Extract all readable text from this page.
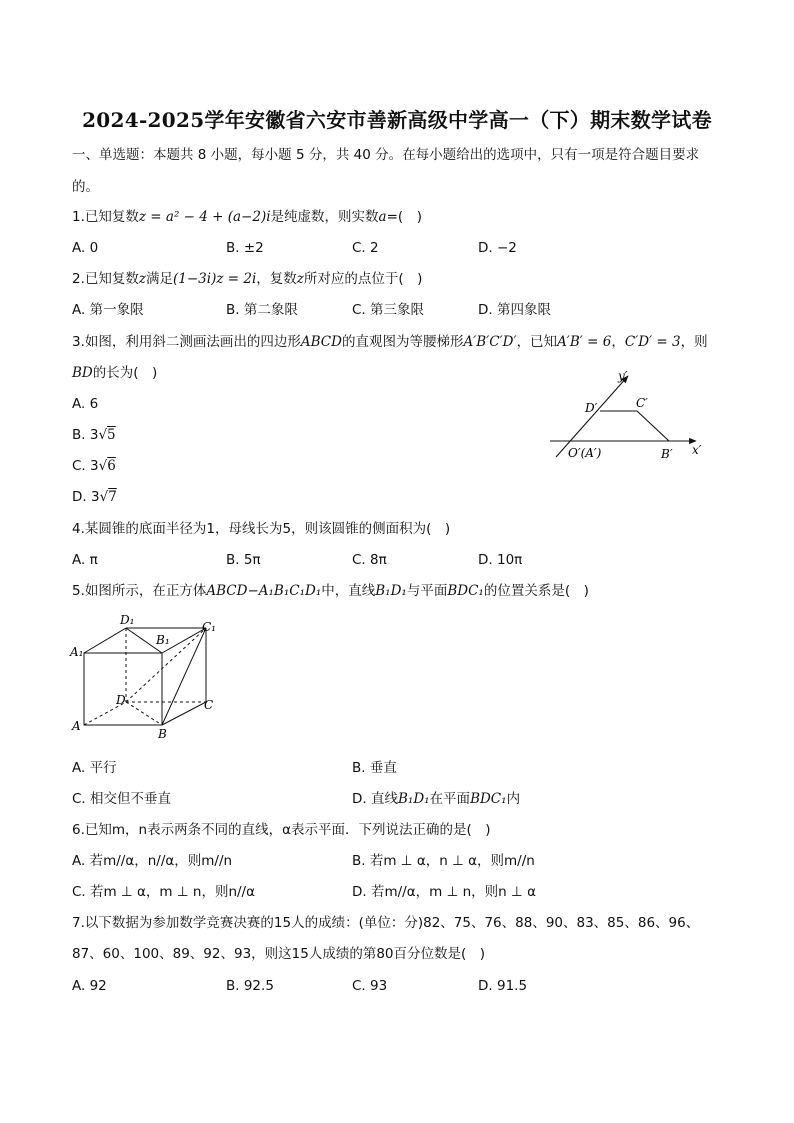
2024-2025学年安徽省六安市善新高级中学高一（下）期末数学试卷
一、单选题：本题共 8 小题，每小题 5 分，共 40 分。在每小题给出的选项中，只有一项是符合题目要求
的。
1.已知复数z = a² − 4 + (a−2)i是纯虚数，则实数a=(　)
A. 0	B. ±2	C. 2	D. −2
2.已知复数z满足(1−3i)z = 2i，复数z所对应的点位于(　)
A. 第一象限	B. 第二象限	C. 第三象限	D. 第四象限
3.如图，利用斜二测画法画出的四边形ABCD的直观图为等腰梯形A′B′C′D′，已知A′B′ = 6，C′D′ = 3，则
BD的长为(　)
A. 6
B. 3√5
C. 3√6
D. 3√7
y′
D′	C′
O′(A′)	B′ x′
4.某圆锥的底面半径为1，母线长为5，则该圆锥的侧面积为(　)
A. π	B. 5π	C. 8π	D. 10π
5.如图所示，在正方体ABCD−A₁B₁C₁D₁中，直线B₁D₁与平面BDC₁的位置关系是(　)
A₁
D₁
B₁
C₁
D	C
A
B
A. 平行	B. 垂直
C. 相交但不垂直	D. 直线B₁D₁在平面BDC₁内
6.已知m，n表示两条不同的直线，α表示平面．下列说法正确的是(　)
A. 若m//α，n//α，则m//n	B. 若m ⊥ α，n ⊥ α，则m//n
C. 若m ⊥ α，m ⊥ n，则n//α	D. 若m//α，m ⊥ n，则n ⊥ α
7.以下数据为参加数学竞赛决赛的15人的成绩：(单位：分)82、75、76、88、90、83、85、86、96、
87、60、100、89、92、93，则这15人成绩的第80百分位数是(　)
A. 92	B. 92.5	C. 93	D. 91.5
